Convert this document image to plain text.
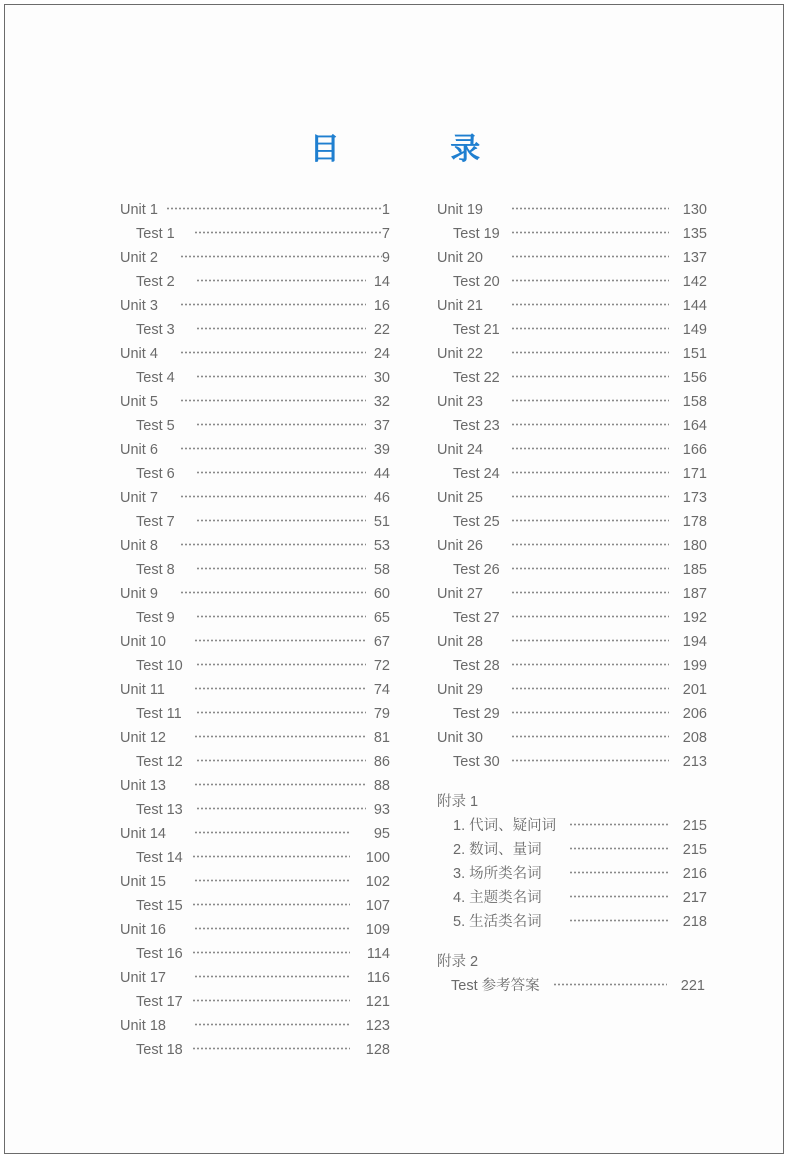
目 录
Unit 1	1
Test 1	7
Unit 2	9
Test 2	14
Unit 3	16
Test 3	22
Unit 4	24
Test 4	30
Unit 5	32
Test 5	37
Unit 6	39
Test 6	44
Unit 7	46
Test 7	51
Unit 8	53
Test 8	58
Unit 9	60
Test 9	65
Unit 10	67
Test 10	72
Unit 11	74
Test 11	79
Unit 12	81
Test 12	86
Unit 13	88
Test 13	93
Unit 14	95
Test 14	100
Unit 15	102
Test 15	107
Unit 16	109
Test 16	114
Unit 17	116
Test 17	121
Unit 18	123
Test 18	128
Unit 19	130
Test 19	135
Unit 20	137
Test 20	142
Unit 21	144
Test 21	149
Unit 22	151
Test 22	156
Unit 23	158
Test 23	164
Unit 24	166
Test 24	171
Unit 25	173
Test 25	178
Unit 26	180
Test 26	185
Unit 27	187
Test 27	192
Unit 28	194
Test 28	199
Unit 29	201
Test 29	206
Unit 30	208
Test 30	213
附录 1
1. 代词、疑问词	215
2. 数词、量词	215
3. 场所类名词	216
4. 主题类名词	217
5. 生活类名词	218
附录 2
Test 参考答案	221
